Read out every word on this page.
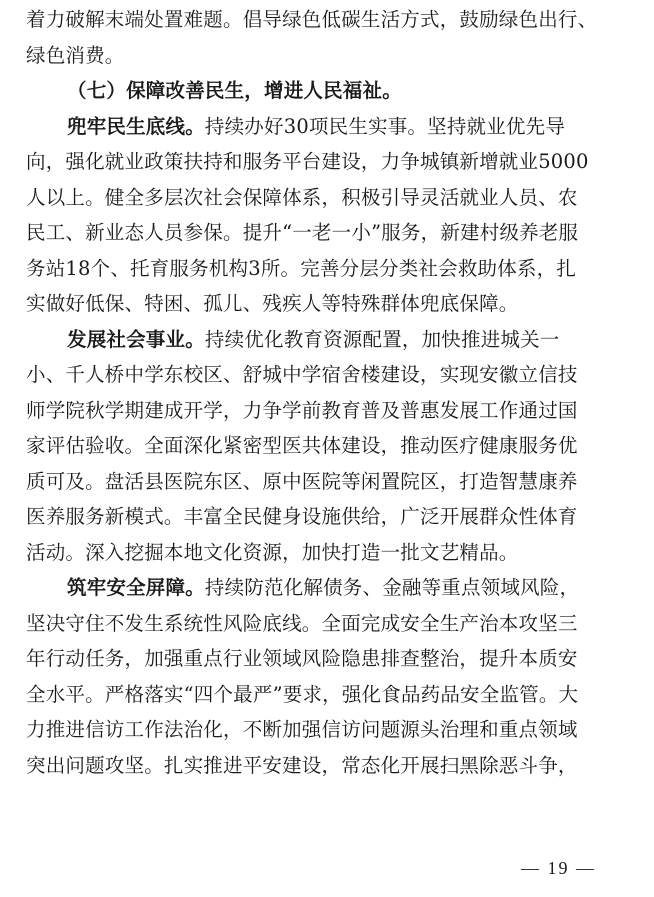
着力破解末端处置难题。倡导绿色低碳生活方式，鼓励绿色出行、
绿色消费。
（七）保障改善民生，增进人民福祉。
兜牢民生底线。持续办好30项民生实事。坚持就业优先导
向，强化就业政策扶持和服务平台建设，力争城镇新增就业5000
人以上。健全多层次社会保障体系，积极引导灵活就业人员、农
民工、新业态人员参保。提升“一老一小”服务，新建村级养老服
务站18个、托育服务机构3所。完善分层分类社会救助体系，扎
实做好低保、特困、孤儿、残疾人等特殊群体兜底保障。
发展社会事业。持续优化教育资源配置，加快推进城关一
小、千人桥中学东校区、舒城中学宿舍楼建设，实现安徽立信技
师学院秋学期建成开学，力争学前教育普及普惠发展工作通过国
家评估验收。全面深化紧密型医共体建设，推动医疗健康服务优
质可及。盘活县医院东区、原中医院等闲置院区，打造智慧康养
医养服务新模式。丰富全民健身设施供给，广泛开展群众性体育
活动。深入挖掘本地文化资源，加快打造一批文艺精品。
筑牢安全屏障。持续防范化解债务、金融等重点领域风险，
坚决守住不发生系统性风险底线。全面完成安全生产治本攻坚三
年行动任务，加强重点行业领域风险隐患排查整治，提升本质安
全水平。严格落实“四个最严”要求，强化食品药品安全监管。大
力推进信访工作法治化，不断加强信访问题源头治理和重点领域
突出问题攻坚。扎实推进平安建设，常态化开展扫黑除恶斗争，
— 19 —
